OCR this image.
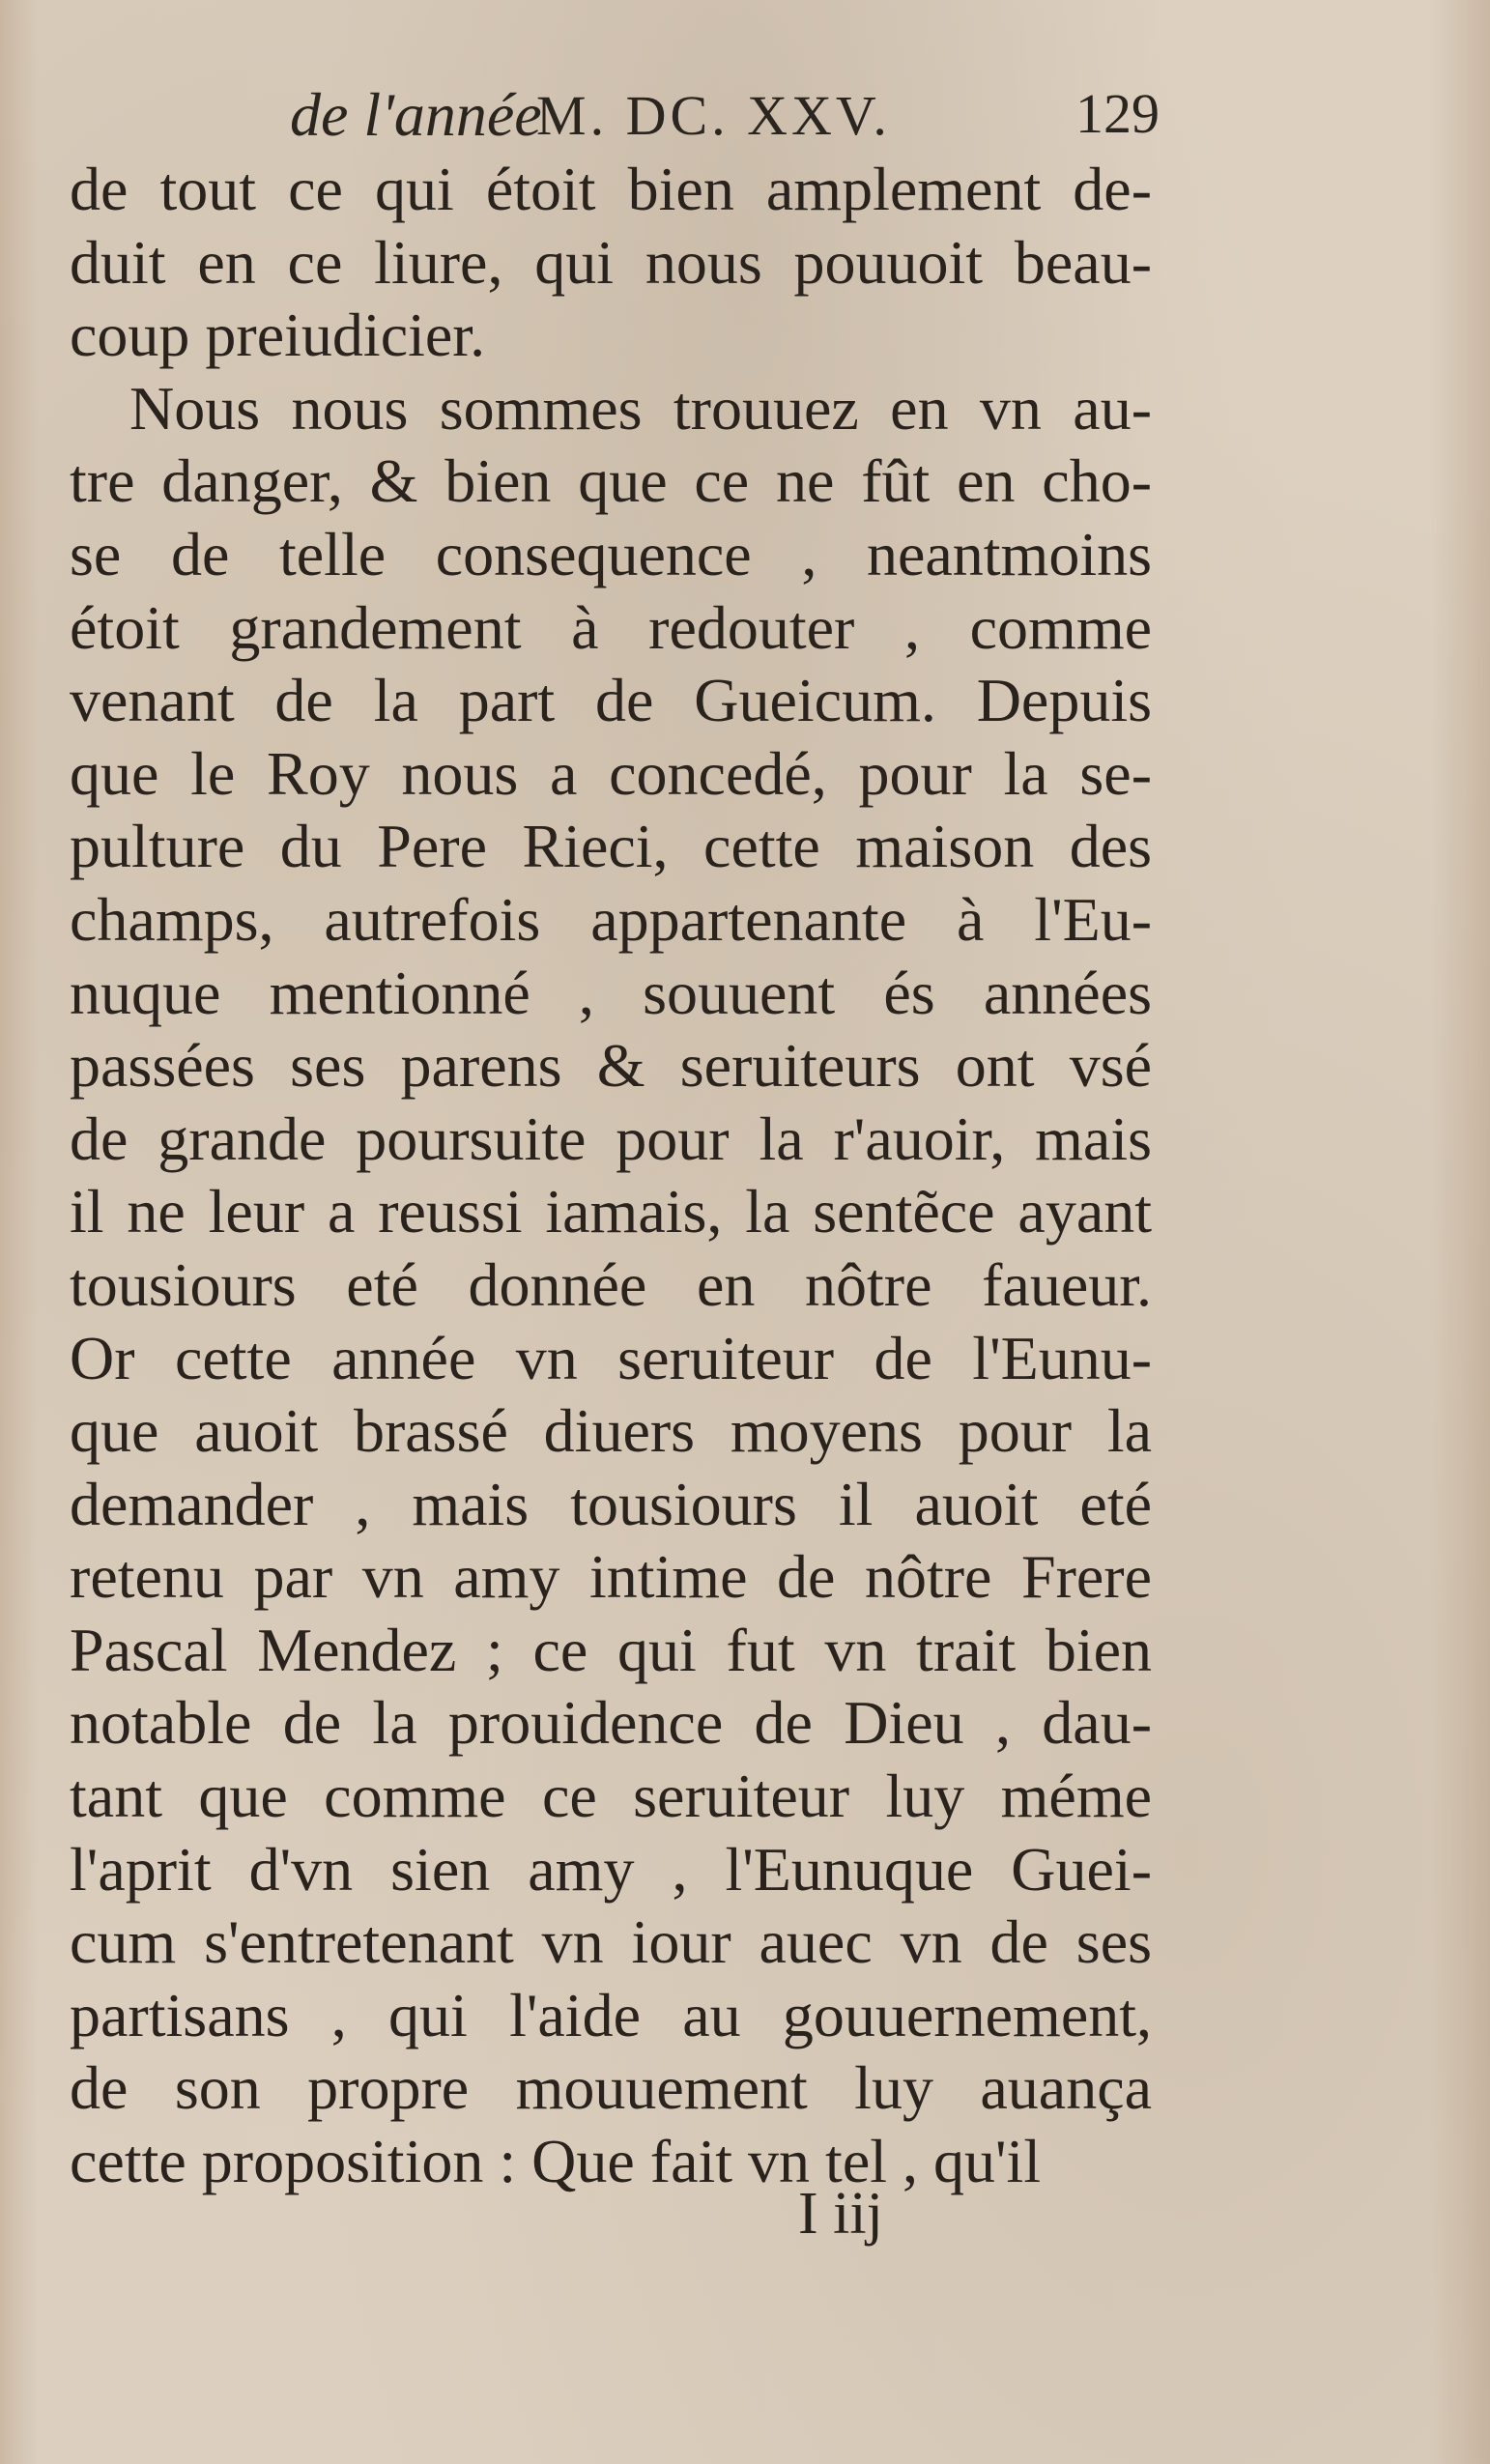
de l'année
M. DC. XXV.	129
de tout ce qui étoit bien amplement de-
duit en ce liure, qui nous pouuoit beau-
coup preiudicier.
Nous nous sommes trouuez en vn au-
tre danger, & bien que ce ne fût en cho-
se de telle consequence , neantmoins
étoit grandement à redouter , comme
venant de la part de Gueicum. Depuis
que le Roy nous a concedé, pour la se-
pulture du Pere Rieci, cette maison des
champs, autrefois appartenante à l'Eu-
nuque mentionné , souuent és années
passées ses parens & seruiteurs ont vsé
de grande poursuite pour la r'auoir, mais
il ne leur a reussi iamais, la sentẽce ayant
tousiours eté donnée en nôtre faueur.
Or cette année vn seruiteur de l'Eunu-
que auoit brassé diuers moyens pour la
demander , mais tousiours il auoit eté
retenu par vn amy intime de nôtre Frere
Pascal Mendez ; ce qui fut vn trait bien
notable de la prouidence de Dieu , dau-
tant que comme ce seruiteur luy méme
l'aprit d'vn sien amy , l'Eunuque Guei-
cum s'entretenant vn iour auec vn de ses
partisans , qui l'aide au gouuernement,
de son propre mouuement luy auança
cette proposition : Que fait vn tel , qu'il
I iij
